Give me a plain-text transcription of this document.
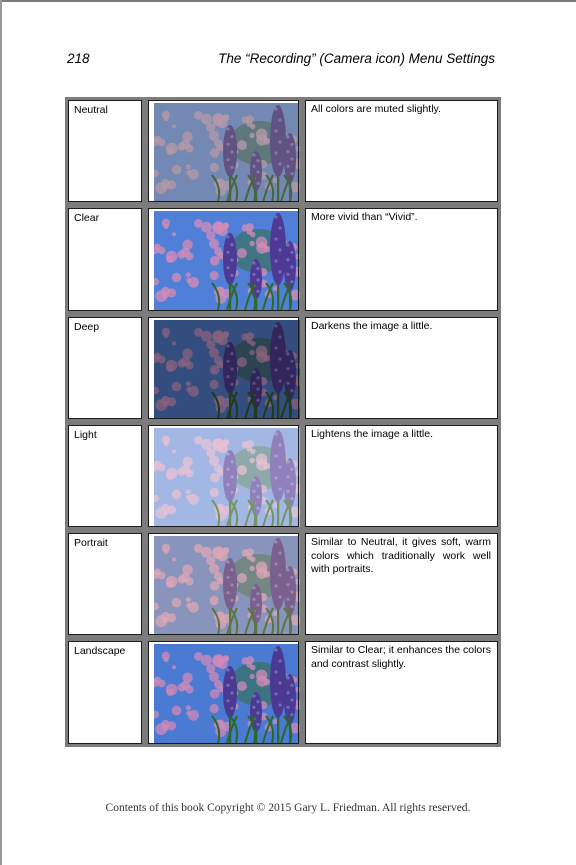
218	The “Recording” (Camera icon) Menu Settings
Neutral	All colors are muted slightly.
Clear	More vivid than “Vivid”.
Deep	Darkens the image a little.
Light	Lightens the image a little.
Portrait	Similar to Neutral, it gives soft, warm colors which traditionally work well with portraits.
Landscape	Similar to Clear; it enhances the colors and contrast slightly.
Contents of this book Copyright © 2015 Gary L. Friedman. All rights reserved.
